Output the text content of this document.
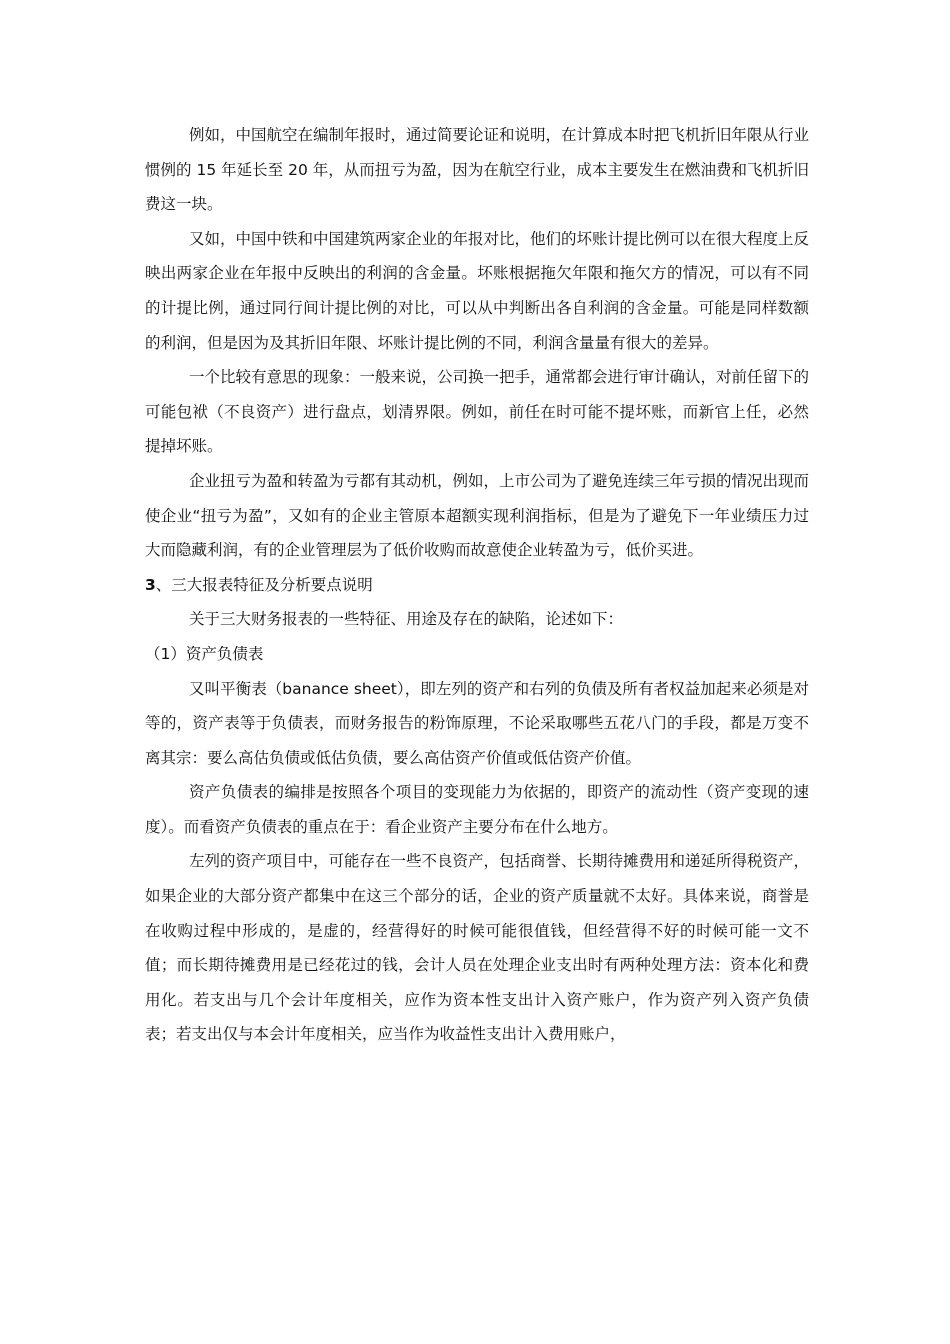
例如，中国航空在编制年报时，通过简要论证和说明，在计算成本时把飞机折旧年限从行业惯例的 15 年延长至 20 年，从而扭亏为盈，因为在航空行业，成本主要发生在燃油费和飞机折旧费这一块。

又如，中国中铁和中国建筑两家企业的年报对比，他们的坏账计提比例可以在很大程度上反映出两家企业在年报中反映出的利润的含金量。坏账根据拖欠年限和拖欠方的情况，可以有不同的计提比例，通过同行间计提比例的对比，可以从中判断出各自利润的含金量。可能是同样数额的利润，但是因为及其折旧年限、坏账计提比例的不同，利润含量量有很大的差异。

一个比较有意思的现象：一般来说，公司换一把手，通常都会进行审计确认，对前任留下的可能包袱（不良资产）进行盘点，划清界限。例如，前任在时可能不提坏账，而新官上任，必然提掉坏账。

企业扭亏为盈和转盈为亏都有其动机，例如，上市公司为了避免连续三年亏损的情况出现而使企业“扭亏为盈”，又如有的企业主管原本超额实现利润指标，但是为了避免下一年业绩压力过大而隐藏利润，有的企业管理层为了低价收购而故意使企业转盈为亏，低价买进。

3、三大报表特征及分析要点说明

关于三大财务报表的一些特征、用途及存在的缺陷，论述如下：

（1）资产负债表

又叫平衡表（banance sheet），即左列的资产和右列的负债及所有者权益加起来必须是对等的，资产表等于负债表，而财务报告的粉饰原理，不论采取哪些五花八门的手段，都是万变不离其宗：要么高估负债或低估负债，要么高估资产价值或低估资产价值。

资产负债表的编排是按照各个项目的变现能力为依据的，即资产的流动性（资产变现的速度）。而看资产负债表的重点在于：看企业资产主要分布在什么地方。

左列的资产项目中，可能存在一些不良资产，包括商誉、长期待摊费用和递延所得税资产，如果企业的大部分资产都集中在这三个部分的话，企业的资产质量就不太好。具体来说，商誉是在收购过程中形成的，是虚的，经营得好的时候可能很值钱，但经营得不好的时候可能一文不值；而长期待摊费用是已经花过的钱，会计人员在处理企业支出时有两种处理方法：资本化和费用化。若支出与几个会计年度相关，应作为资本性支出计入资产账户，作为资产列入资产负债表；若支出仅与本会计年度相关，应当作为收益性支出计入费用账户，
